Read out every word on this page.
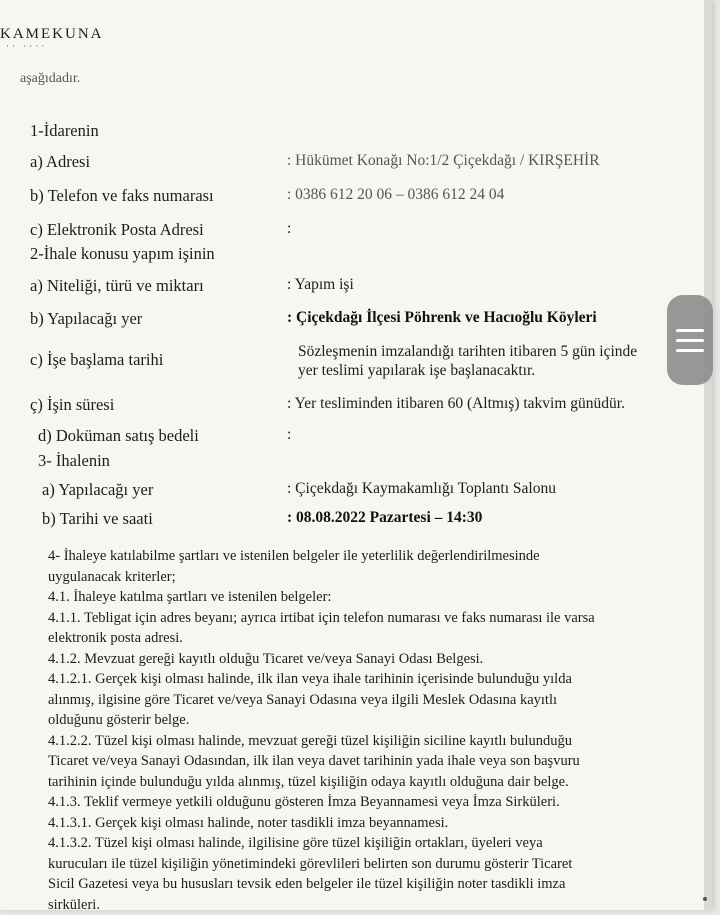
KAMEKUNA
·· ····
aşağıdadır.
1-İdarenin
a) Adresi	: Hükümet Konağı No:1/2 Çiçekdağı / KIRŞEHİR
b) Telefon ve faks numarası	: 0386 612 20 06 – 0386 612 24 04
c) Elektronik Posta Adresi	:
2-İhale konusu yapım işinin
a) Niteliği, türü ve miktarı	: Yapım işi
b) Yapılacağı yer	: Çiçekdağı İlçesi Pöhrenk ve Hacıoğlu Köyleri
c) İşe başlama tarihi	Sözleşmenin imzalandığı tarihten itibaren 5 gün içinde
yer teslimi yapılarak işe başlanacaktır.
ç) İşin süresi	: Yer tesliminden itibaren 60 (Altmış) takvim günüdür.
d) Doküman satış bedeli	:
3- İhalenin
a) Yapılacağı yer	: Çiçekdağı Kaymakamlığı Toplantı Salonu
b) Tarihi ve saati	: 08.08.2022 Pazartesi – 14:30
4- İhaleye katılabilme şartları ve istenilen belgeler ile yeterlilik değerlendirilmesinde
uygulanacak kriterler;
4.1. İhaleye katılma şartları ve istenilen belgeler:
4.1.1. Tebligat için adres beyanı; ayrıca irtibat için telefon numarası ve faks numarası ile varsa
elektronik posta adresi.
4.1.2. Mevzuat gereği kayıtlı olduğu Ticaret ve/veya Sanayi Odası Belgesi.
4.1.2.1. Gerçek kişi olması halinde, ilk ilan veya ihale tarihinin içerisinde bulunduğu yılda
alınmış, ilgisine göre Ticaret ve/veya Sanayi Odasına veya ilgili Meslek Odasına kayıtlı
olduğunu gösterir belge.
4.1.2.2. Tüzel kişi olması halinde, mevzuat gereği tüzel kişiliğin siciline kayıtlı bulunduğu
Ticaret ve/veya Sanayi Odasından, ilk ilan veya davet tarihinin yada ihale veya son başvuru
tarihinin içinde bulunduğu yılda alınmış, tüzel kişiliğin odaya kayıtlı olduğuna dair belge.
4.1.3. Teklif vermeye yetkili olduğunu gösteren İmza Beyannamesi veya İmza Sirküleri.
4.1.3.1. Gerçek kişi olması halinde, noter tasdikli imza beyannamesi.
4.1.3.2. Tüzel kişi olması halinde, ilgilisine göre tüzel kişiliğin ortakları, üyeleri veya
kurucuları ile tüzel kişiliğin yönetimindeki görevlileri belirten son durumu gösterir Ticaret
Sicil Gazetesi veya bu hususları tevsik eden belgeler ile tüzel kişiliğin noter tasdikli imza
sirküleri.
